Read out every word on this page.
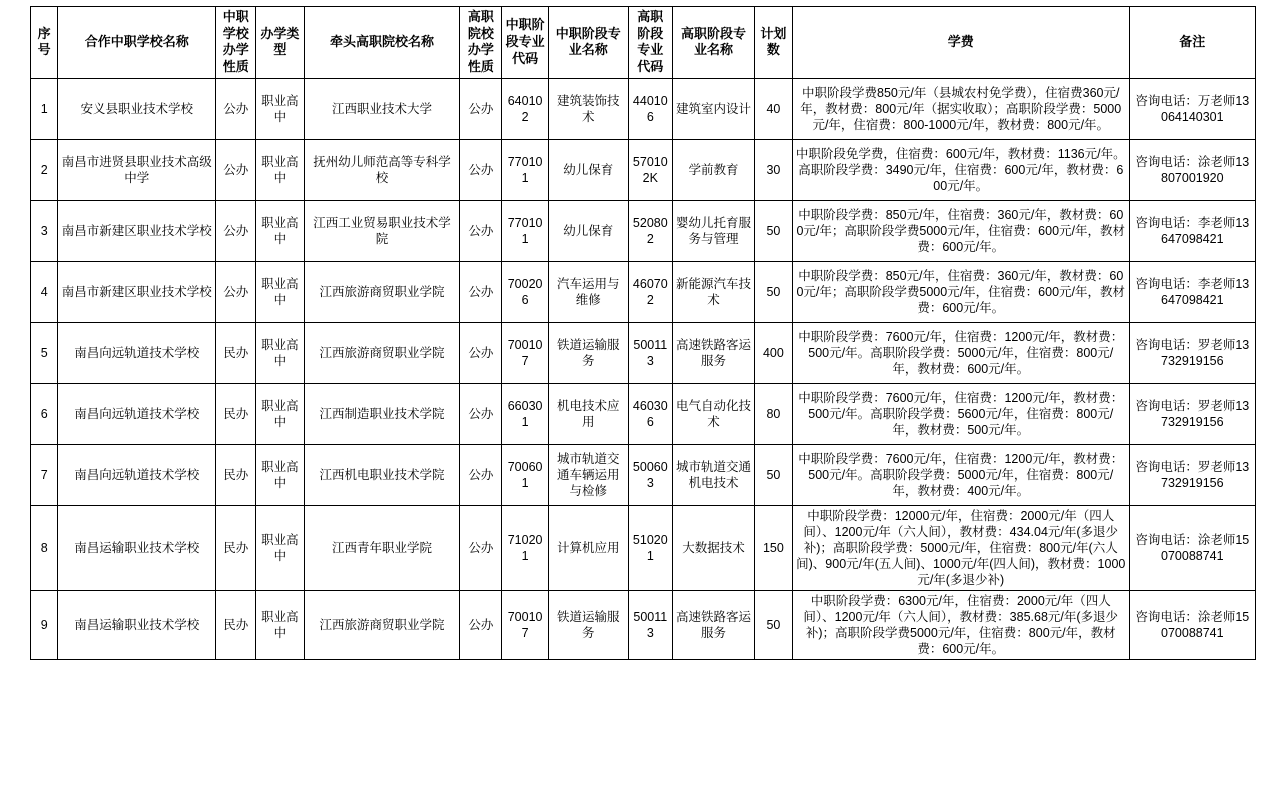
序号	合作中职学校名称	中职学校办学性质	办学类型	牵头高职院校名称	高职院校办学性质	中职阶段专业代码	中职阶段专业名称	高职阶段专业代码	高职阶段专业名称	计划数	学费	备注
1	安义县职业技术学校	公办	职业高中	江西职业技术大学	公办	640102	建筑装饰技术	440106	建筑室内设计	40	中职阶段学费850元/年（县城农村免学费），住宿费360元/年，教材费：800元/年（据实收取）；高职阶段学费：5000元/年，住宿费：800-1000元/年，教材费：800元/年。	咨询电话：万老师13064140301
2	南昌市进贤县职业技术高级中学	公办	职业高中	抚州幼儿师范高等专科学校	公办	770101	幼儿保育	570102K	学前教育	30	中职阶段免学费，住宿费：600元/年，教材费：1136元/年。高职阶段学费：3490元/年，住宿费：600元/年，教材费：600元/年。	咨询电话：涂老师13807001920
3	南昌市新建区职业技术学校	公办	职业高中	江西工业贸易职业技术学院	公办	770101	幼儿保育	520802	婴幼儿托育服务与管理	50	中职阶段学费：850元/年，住宿费：360元/年，教材费：600元/年；高职阶段学费5000元/年，住宿费：600元/年，教材费：600元/年。	咨询电话：李老师13647098421
4	南昌市新建区职业技术学校	公办	职业高中	江西旅游商贸职业学院	公办	700206	汽车运用与维修	460702	新能源汽车技术	50	中职阶段学费：850元/年，住宿费：360元/年，教材费：600元/年；高职阶段学费5000元/年，住宿费：600元/年，教材费：600元/年。	咨询电话：李老师13647098421
5	南昌向远轨道技术学校	民办	职业高中	江西旅游商贸职业学院	公办	700107	铁道运输服务	500113	高速铁路客运服务	400	中职阶段学费：7600元/年，住宿费：1200元/年，教材费：500元/年。高职阶段学费：5000元/年，住宿费：800元/年，教材费：600元/年。	咨询电话：罗老师13732919156
6	南昌向远轨道技术学校	民办	职业高中	江西制造职业技术学院	公办	660301	机电技术应用	460306	电气自动化技术	80	中职阶段学费：7600元/年，住宿费：1200元/年，教材费：500元/年。高职阶段学费：5600元/年，住宿费：800元/年，教材费：500元/年。	咨询电话：罗老师13732919156
7	南昌向远轨道技术学校	民办	职业高中	江西机电职业技术学院	公办	700601	城市轨道交通车辆运用与检修	500603	城市轨道交通机电技术	50	中职阶段学费：7600元/年，住宿费：1200元/年，教材费：500元/年。高职阶段学费：5000元/年，住宿费：800元/年，教材费：400元/年。	咨询电话：罗老师13732919156
8	南昌运输职业技术学校	民办	职业高中	江西青年职业学院	公办	710201	计算机应用	510201	大数据技术	150	中职阶段学费：12000元/年，住宿费：2000元/年（四人间）、1200元/年（六人间），教材费：434.04元/年(多退少补)；高职阶段学费：5000元/年，住宿费：800元/年(六人间)、900元/年(五人间)、1000元/年(四人间)，教材费：1000元/年(多退少补)	咨询电话：涂老师15070088741
9	南昌运输职业技术学校	民办	职业高中	江西旅游商贸职业学院	公办	700107	铁道运输服务	500113	高速铁路客运服务	50	中职阶段学费：6300元/年，住宿费：2000元/年（四人间）、1200元/年（六人间），教材费：385.68元/年(多退少补)；高职阶段学费5000元/年，住宿费：800元/年，教材费：600元/年。	咨询电话：涂老师15070088741
